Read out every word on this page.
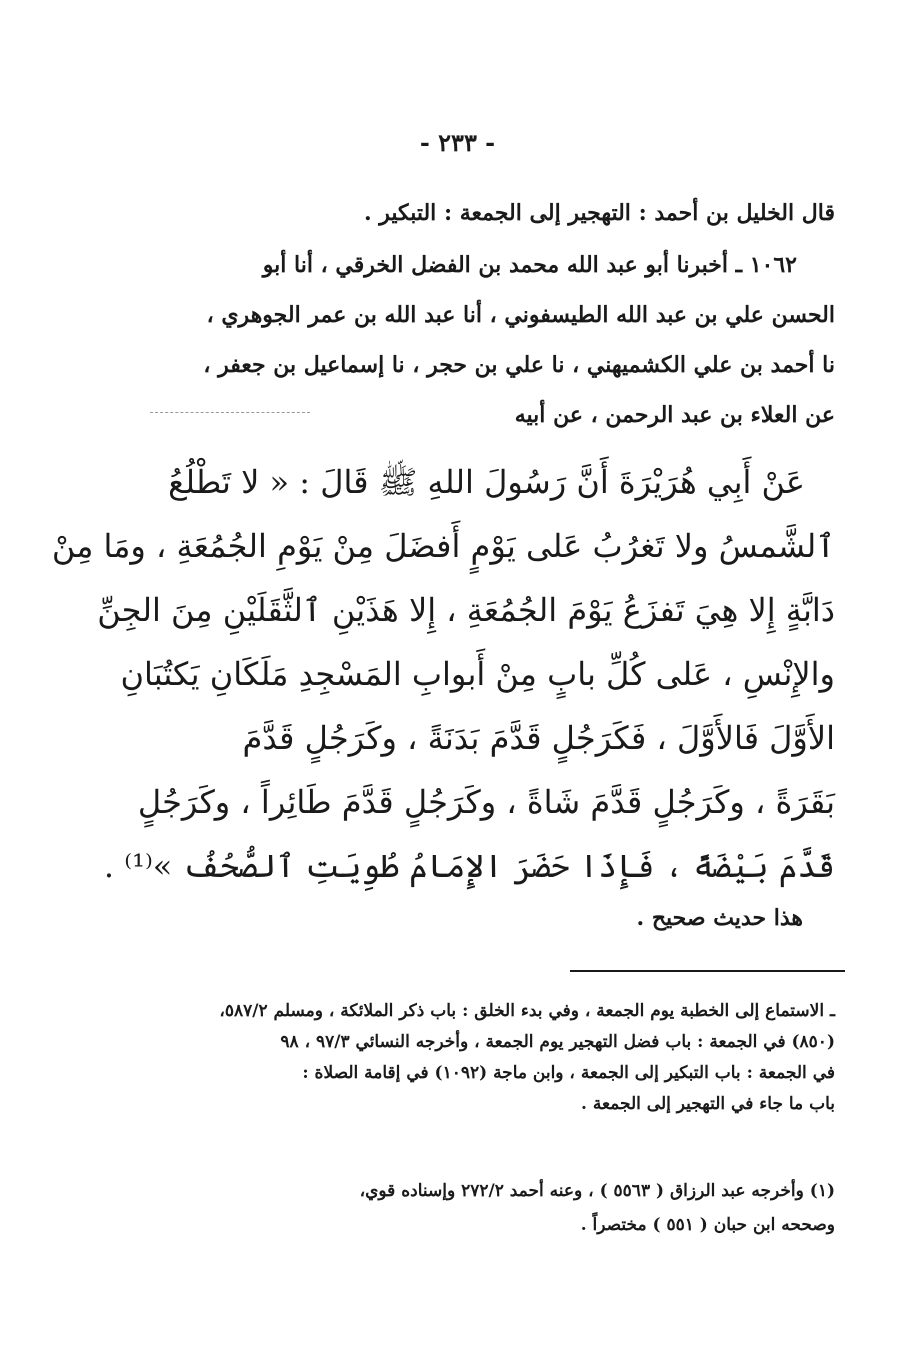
- ٢٣٣ -
قال الخليل بن أحمد : التهجير إلى الجمعة : التبكير .
١٠٦٢ ـ أخبرنا أبو عبد الله محمد بن الفضل الخرقي ، أنا أبو
الحسن علي بن عبد الله الطيسفوني ، أنا عبد الله بن عمر الجوهري ،
نا أحمد بن علي الكشميهني ، نا علي بن حجر ، نا إسماعيل بن جعفر ،
عن العلاء بن عبد الرحمن ، عن أبيه
عَنْ أَبِي هُرَيْرَةَ أَنَّ رَسُولَ اللهِ ﷺ قَالَ : « لا تَطْلُعُ
ٱلشَّمسُ ولا تَغرُبُ عَلى يَوْمٍ أَفضَلَ مِنْ يَوْمِ الجُمُعَةِ ، ومَا مِنْ
دَابَّةٍ إِلا هِيَ تَفزَعُ يَوْمَ الجُمُعَةِ ، إِلا هَذَيْنِ ٱلثَّقَلَيْنِ مِنَ الجِنِّ
والإِنْسِ ، عَلى كُلِّ بابٍ مِنْ أَبوابِ المَسْجِدِ مَلَكَانِ يَكتُبَانِ
الأَوَّلَ فَالأَوَّلَ ، فَكَرَجُلٍ قَدَّمَ بَدَنَةً ، وكَرَجُلٍ قَدَّمَ
بَقَرَةً ، وكَرَجُلٍ قَدَّمَ شَاةً ، وكَرَجُلٍ قَدَّمَ طَائِراً ، وكَرَجُلٍ
قَدَّمَ بَيْضَةً ، فَإِذَا حَضَرَ الإِمَامُ طُوِيَتِ ٱلصُّحُفُ »⁽¹⁾ .
هذا حديث صحيح .
ـ الاستماع إلى الخطبة يوم الجمعة ، وفي بدء الخلق : باب ذكر الملائكة ، ومسلم ٥٨٧/٢،
(٨٥٠) في الجمعة : باب فضل التهجير يوم الجمعة ، وأخرجه النسائي ٩٧/٣ ، ٩٨
في الجمعة : باب التبكير إلى الجمعة ، وابن ماجة (١٠٩٢) في إقامة الصلاة :
باب ما جاء في التهجير إلى الجمعة .
(١) وأخرجه عبد الرزاق ( ٥٥٦٣ ) ، وعنه أحمد ٢٧٢/٢ وإسناده قوي،
وصححه ابن حبان ( ٥٥١ ) مختصراً .
